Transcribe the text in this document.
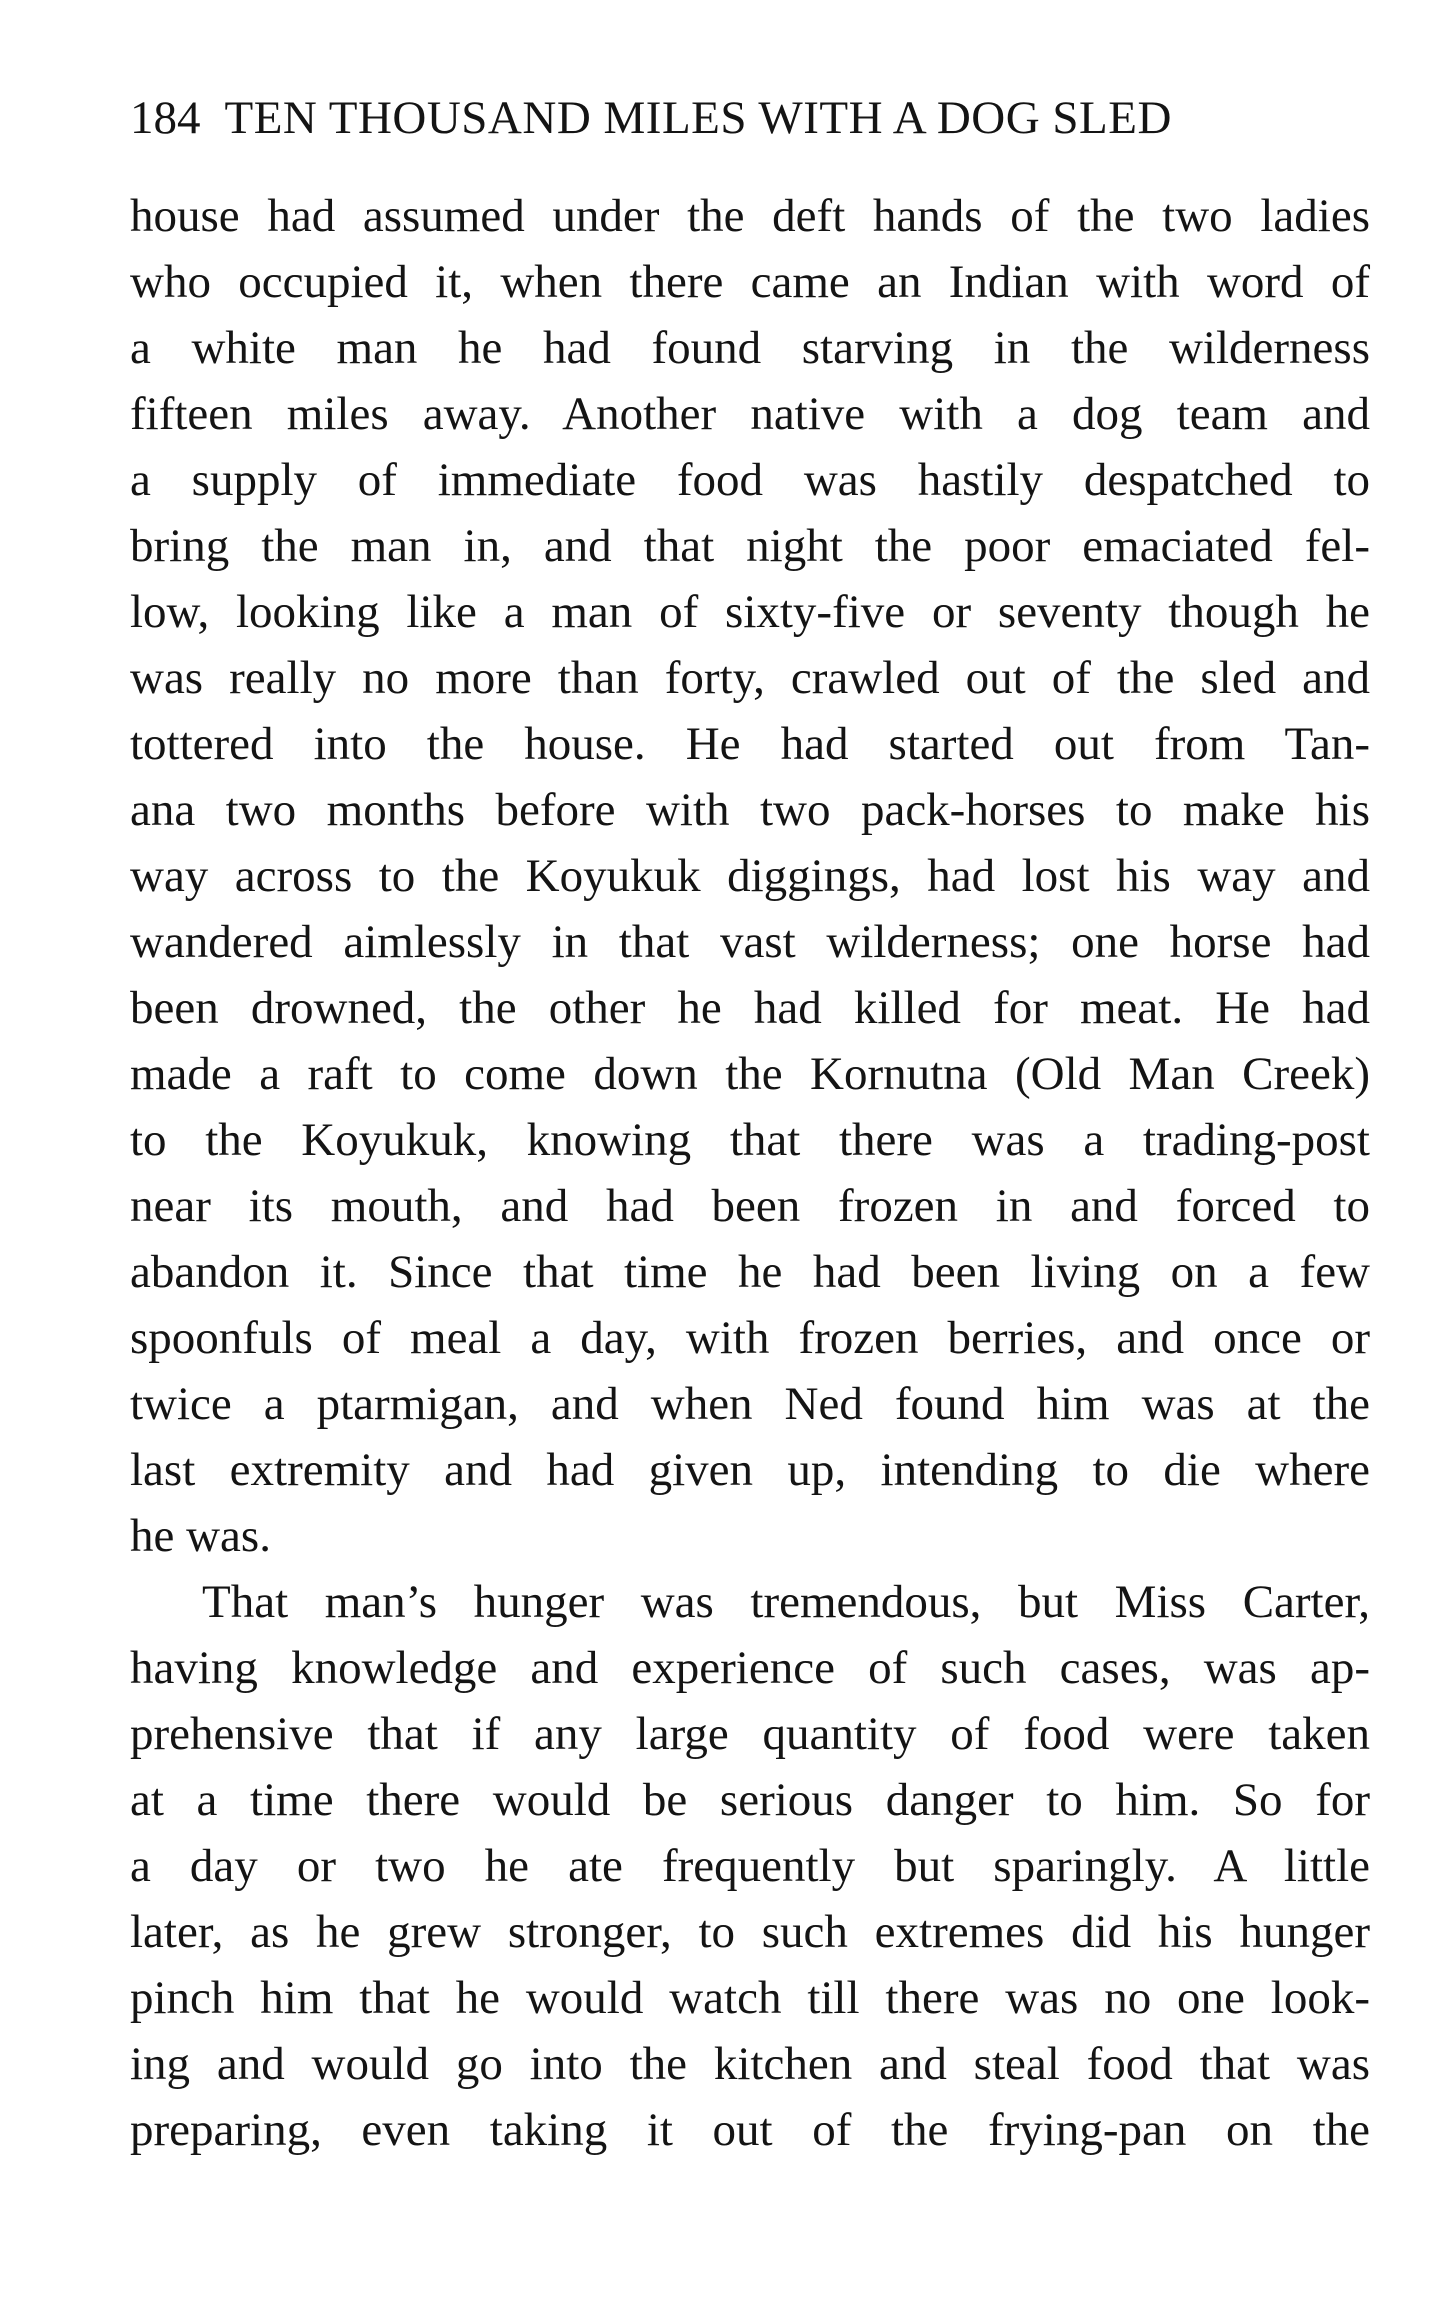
184 TEN THOUSAND MILES WITH A DOG SLED
house had assumed under the deft hands of the two ladies
who occupied it, when there came an Indian with word of
a white man he had found starving in the wilderness
fifteen miles away. Another native with a dog team and
a supply of immediate food was hastily despatched to
bring the man in, and that night the poor emaciated fel-
low, looking like a man of sixty-five or seventy though he
was really no more than forty, crawled out of the sled and
tottered into the house. He had started out from Tan-
ana two months before with two pack-horses to make his
way across to the Koyukuk diggings, had lost his way and
wandered aimlessly in that vast wilderness; one horse had
been drowned, the other he had killed for meat. He had
made a raft to come down the Kornutna (Old Man Creek)
to the Koyukuk, knowing that there was a trading-post
near its mouth, and had been frozen in and forced to
abandon it. Since that time he had been living on a few
spoonfuls of meal a day, with frozen berries, and once or
twice a ptarmigan, and when Ned found him was at the
last extremity and had given up, intending to die where
he was.
That man’s hunger was tremendous, but Miss Carter,
having knowledge and experience of such cases, was ap-
prehensive that if any large quantity of food were taken
at a time there would be serious danger to him. So for
a day or two he ate frequently but sparingly. A little
later, as he grew stronger, to such extremes did his hunger
pinch him that he would watch till there was no one look-
ing and would go into the kitchen and steal food that was
preparing, even taking it out of the frying-pan on the
